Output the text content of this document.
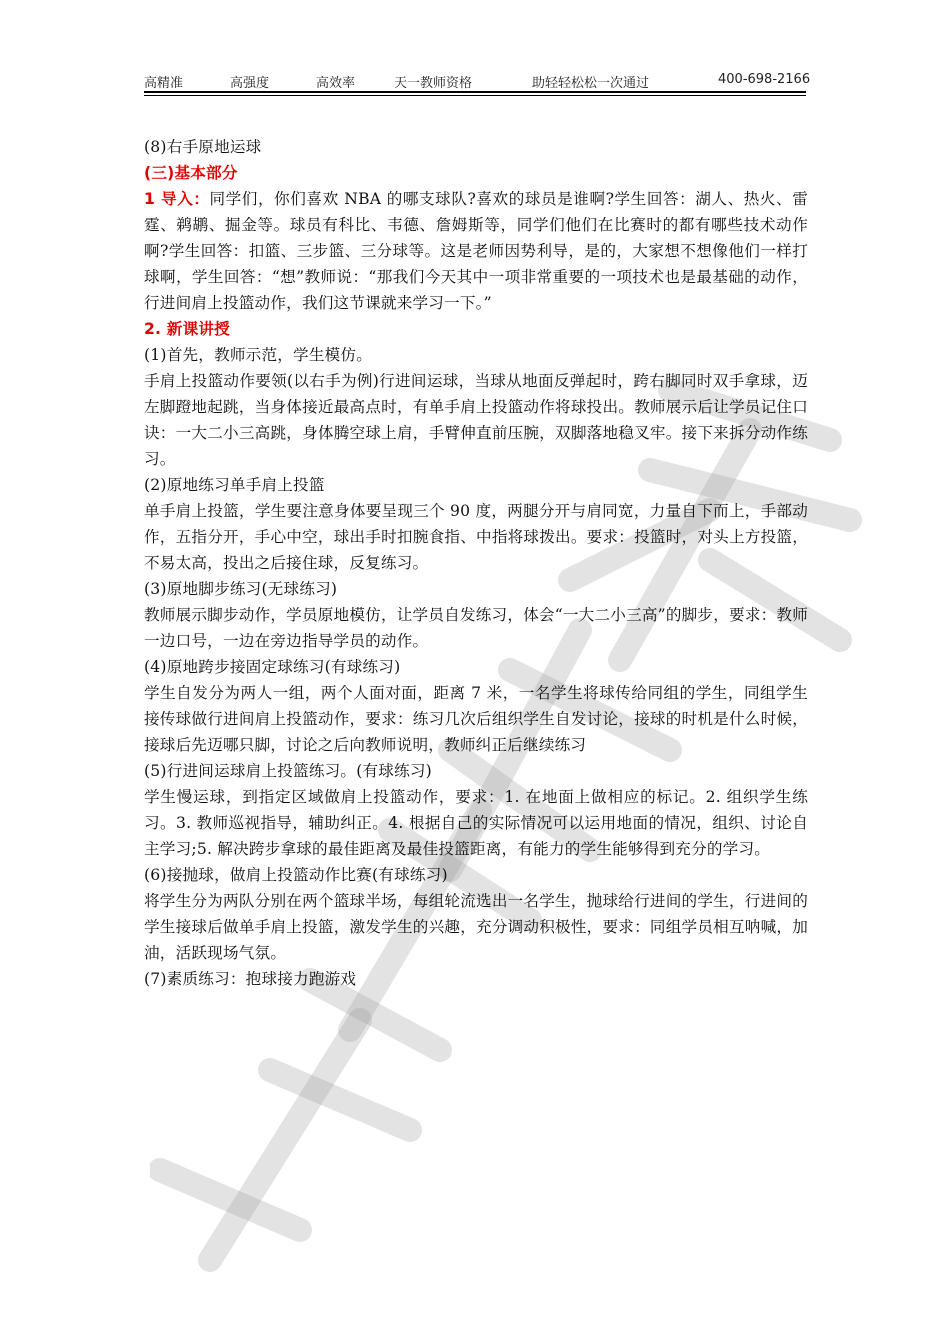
高精准	高强度	高效率	天一教师资格	助轻轻松松一次通过	400-698-2166

(8)右手原地运球

(三)基本部分

1 导入：同学们，你们喜欢 NBA 的哪支球队?喜欢的球员是谁啊?学生回答：湖人、热火、雷霆、鹈鹕、掘金等。球员有科比、韦德、詹姆斯等，同学们他们在比赛时的都有哪些技术动作啊?学生回答：扣篮、三步篮、三分球等。这是老师因势利导，是的，大家想不想像他们一样打球啊，学生回答：“想”教师说：“那我们今天其中一项非常重要的一项技术也是最基础的动作，行进间肩上投篮动作，我们这节课就来学习一下。”

2. 新课讲授

(1)首先，教师示范，学生模仿。

手肩上投篮动作要领(以右手为例)行进间运球，当球从地面反弹起时，跨右脚同时双手拿球，迈左脚蹬地起跳，当身体接近最高点时，有单手肩上投篮动作将球投出。教师展示后让学员记住口诀：一大二小三高跳，身体腾空球上肩，手臂伸直前压腕，双脚落地稳叉牢。接下来拆分动作练习。

(2)原地练习单手肩上投篮

单手肩上投篮，学生要注意身体要呈现三个 90 度，两腿分开与肩同宽，力量自下而上，手部动作，五指分开，手心中空，球出手时扣腕食指、中指将球拨出。要求：投篮时，对头上方投篮，不易太高，投出之后接住球，反复练习。

(3)原地脚步练习(无球练习)

教师展示脚步动作，学员原地模仿，让学员自发练习，体会“一大二小三高”的脚步，要求：教师一边口号，一边在旁边指导学员的动作。

(4)原地跨步接固定球练习(有球练习)

学生自发分为两人一组，两个人面对面，距离 7 米，一名学生将球传给同组的学生，同组学生接传球做行进间肩上投篮动作，要求：练习几次后组织学生自发讨论，接球的时机是什么时候，接球后先迈哪只脚，讨论之后向教师说明，教师纠正后继续练习

(5)行进间运球肩上投篮练习。(有球练习)

学生慢运球，到指定区域做肩上投篮动作，要求：1. 在地面上做相应的标记。2. 组织学生练习。3. 教师巡视指导，辅助纠正。4. 根据自己的实际情况可以运用地面的情况，组织、讨论自主学习;5. 解决跨步拿球的最佳距离及最佳投篮距离，有能力的学生能够得到充分的学习。

(6)接抛球，做肩上投篮动作比赛(有球练习)

将学生分为两队分别在两个篮球半场，每组轮流选出一名学生，抛球给行进间的学生，行进间的学生接球后做单手肩上投篮，激发学生的兴趣，充分调动积极性，要求：同组学员相互呐喊，加油，活跃现场气氛。

(7)素质练习：抱球接力跑游戏
